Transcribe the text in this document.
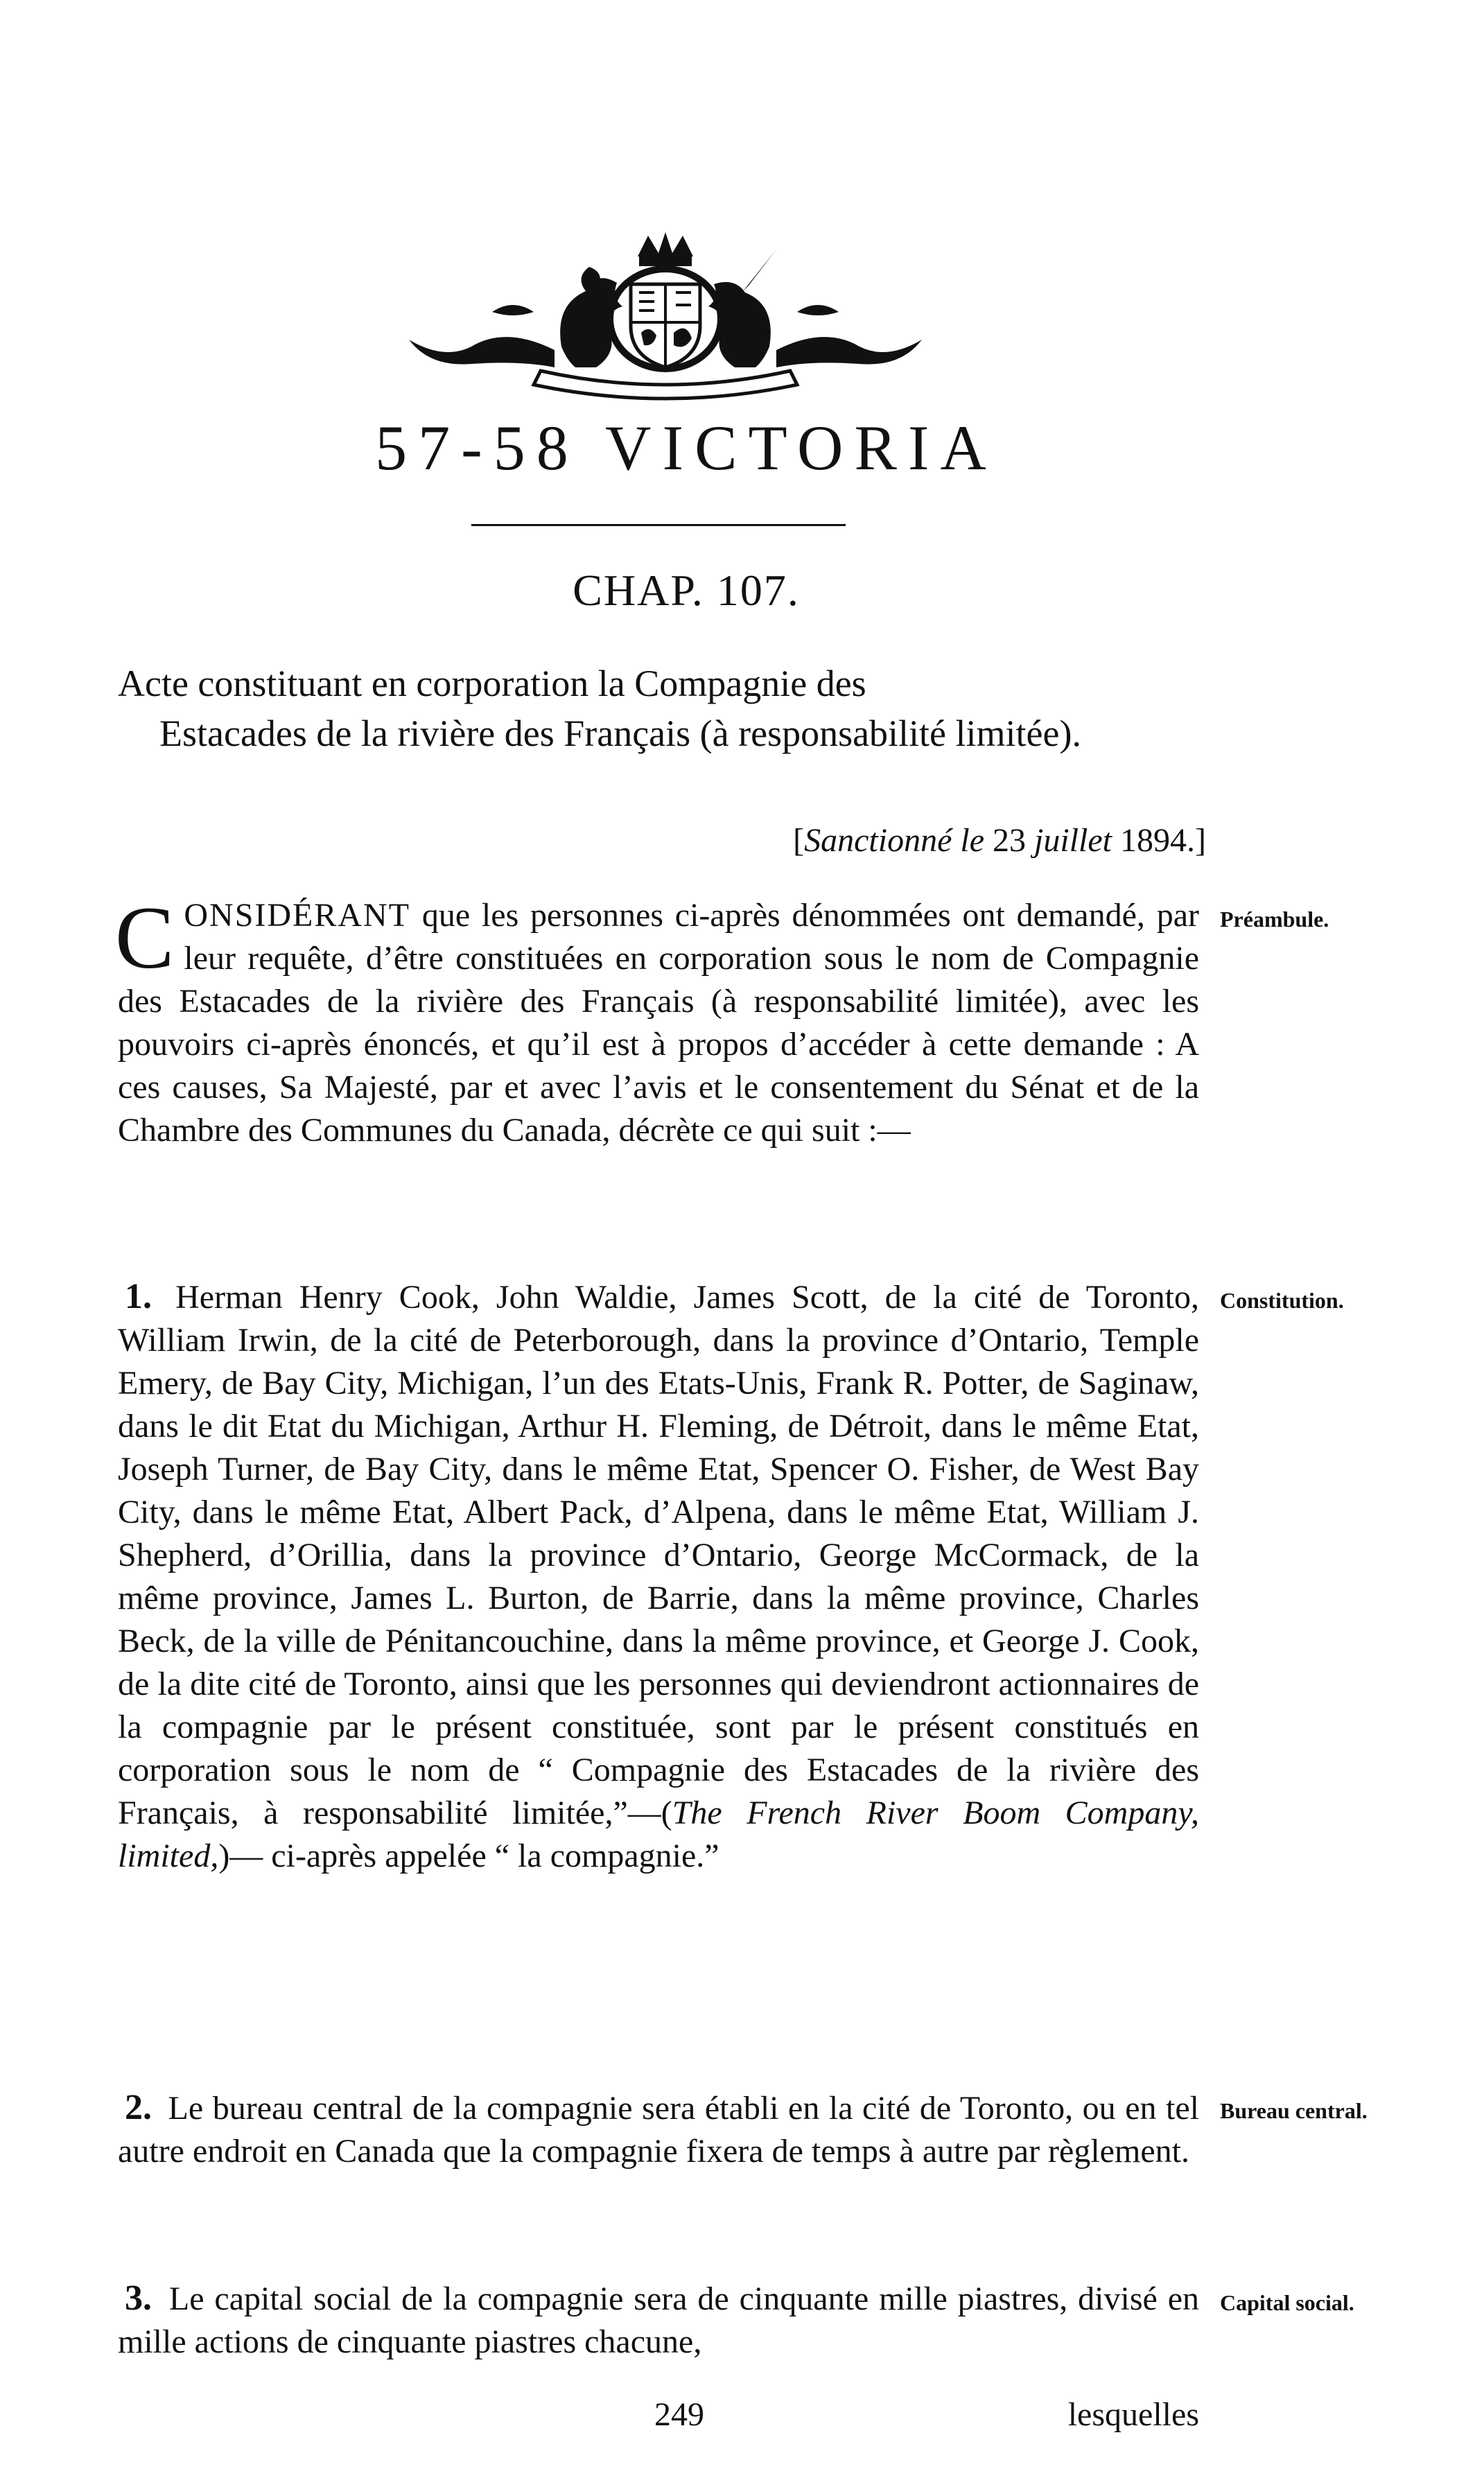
57-58 VICTORIA
CHAP. 107.
Acte constituant en corporation la Compagnie des
Estacades de la rivière des Français (à responsabilité limitée).
[Sanctionné le 23 juillet 1894.]
CONSIDÉRANT que les personnes ci-après dénommées ont demandé, par leur requête, d’être constituées en corporation sous le nom de Compagnie des Estacades de la rivière des Français (à responsabilité limitée), avec les pouvoirs ci-après énoncés, et qu’il est à propos d’accéder à cette demande : A ces causes, Sa Majesté, par et avec l’avis et le consentement du Sénat et de la Chambre des Communes du Canada, décrète ce qui suit :—
Préambule.
1. Herman Henry Cook, John Waldie, James Scott, de la cité de Toronto, William Irwin, de la cité de Peterborough, dans la province d’Ontario, Temple Emery, de Bay City, Michigan, l’un des Etats-Unis, Frank R. Potter, de Saginaw, dans le dit Etat du Michigan, Arthur H. Fleming, de Détroit, dans le même Etat, Joseph Turner, de Bay City, dans le même Etat, Spencer O. Fisher, de West Bay City, dans le même Etat, Albert Pack, d’Alpena, dans le même Etat, William J. Shepherd, d’Orillia, dans la province d’Ontario, George McCormack, de la même province, James L. Burton, de Barrie, dans la même province, Charles Beck, de la ville de Pénitancouchine, dans la même province, et George J. Cook, de la dite cité de Toronto, ainsi que les personnes qui deviendront actionnaires de la compagnie par le présent constituée, sont par le présent constitués en corporation sous le nom de “ Compagnie des Estacades de la rivière des Français, à responsabilité limitée,”—(The French River Boom Company, limited,)— ci-après appelée “ la compagnie.”
Constitution.
2. Le bureau central de la compagnie sera établi en la cité de Toronto, ou en tel autre endroit en Canada que la compagnie fixera de temps à autre par règlement.
Bureau central.
3. Le capital social de la compagnie sera de cinquante mille piastres, divisé en mille actions de cinquante piastres chacune,
Capital social.
249	lesquelles
